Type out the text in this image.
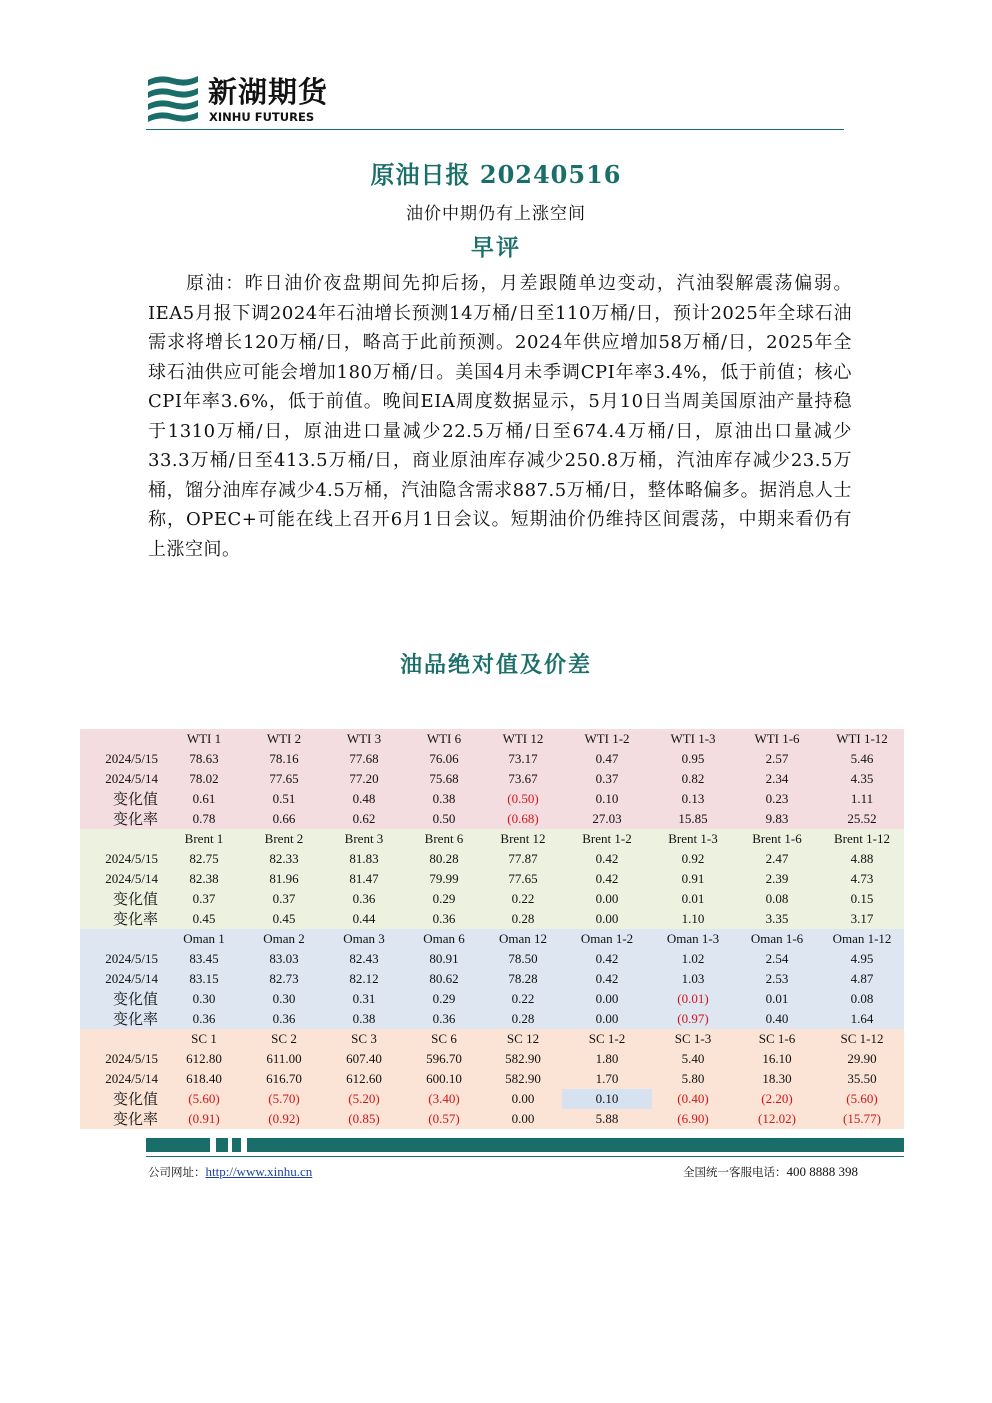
新湖期货
XINHU FUTURES
原油日报 20240516
油价中期仍有上涨空间
早评

原油：昨日油价夜盘期间先抑后扬，月差跟随单边变动，汽油裂解震荡偏弱。IEA5月报下调2024年石油增长预测14万桶/日至110万桶/日，预计2025年全球石油需求将增长120万桶/日，略高于此前预测。2024年供应增加58万桶/日，2025年全球石油供应可能会增加180万桶/日。美国4月未季调CPI年率3.4%，低于前值；核心CPI年率3.6%，低于前值。晚间EIA周度数据显示，5月10日当周美国原油产量持稳于1310万桶/日，原油进口量减少22.5万桶/日至674.4万桶/日，原油出口量减少33.3万桶/日至413.5万桶/日，商业原油库存减少250.8万桶，汽油库存减少23.5万桶，馏分油库存减少4.5万桶，汽油隐含需求887.5万桶/日，整体略偏多。据消息人士称，OPEC+可能在线上召开6月1日会议。短期油价仍维持区间震荡，中期来看仍有上涨空间。

油品绝对值及价差
	WTI 1	WTI 2	WTI 3	WTI 6	WTI 12	WTI 1-2	WTI 1-3	WTI 1-6	WTI 1-12
2024/5/15	78.63	78.16	77.68	76.06	73.17	0.47	0.95	2.57	5.46
2024/5/14	78.02	77.65	77.20	75.68	73.67	0.37	0.82	2.34	4.35
变化值	0.61	0.51	0.48	0.38	(0.50)	0.10	0.13	0.23	1.11
变化率	0.78	0.66	0.62	0.50	(0.68)	27.03	15.85	9.83	25.52
	Brent 1	Brent 2	Brent 3	Brent 6	Brent 12	Brent 1-2	Brent 1-3	Brent 1-6	Brent 1-12
2024/5/15	82.75	82.33	81.83	80.28	77.87	0.42	0.92	2.47	4.88
2024/5/14	82.38	81.96	81.47	79.99	77.65	0.42	0.91	2.39	4.73
变化值	0.37	0.37	0.36	0.29	0.22	0.00	0.01	0.08	0.15
变化率	0.45	0.45	0.44	0.36	0.28	0.00	1.10	3.35	3.17
	Oman 1	Oman 2	Oman 3	Oman 6	Oman 12	Oman 1-2	Oman 1-3	Oman 1-6	Oman 1-12
2024/5/15	83.45	83.03	82.43	80.91	78.50	0.42	1.02	2.54	4.95
2024/5/14	83.15	82.73	82.12	80.62	78.28	0.42	1.03	2.53	4.87
变化值	0.30	0.30	0.31	0.29	0.22	0.00	(0.01)	0.01	0.08
变化率	0.36	0.36	0.38	0.36	0.28	0.00	(0.97)	0.40	1.64
	SC 1	SC 2	SC 3	SC 6	SC 12	SC 1-2	SC 1-3	SC 1-6	SC 1-12
2024/5/15	612.80	611.00	607.40	596.70	582.90	1.80	5.40	16.10	29.90
2024/5/14	618.40	616.70	612.60	600.10	582.90	1.70	5.80	18.30	35.50
变化值	(5.60)	(5.70)	(5.20)	(3.40)	0.00	0.10	(0.40)	(2.20)	(5.60)
变化率	(0.91)	(0.92)	(0.85)	(0.57)	0.00	5.88	(6.90)	(12.02)	(15.77)
公司网址：http://www.xinhu.cn	全国统一客服电话：400 8888 398
